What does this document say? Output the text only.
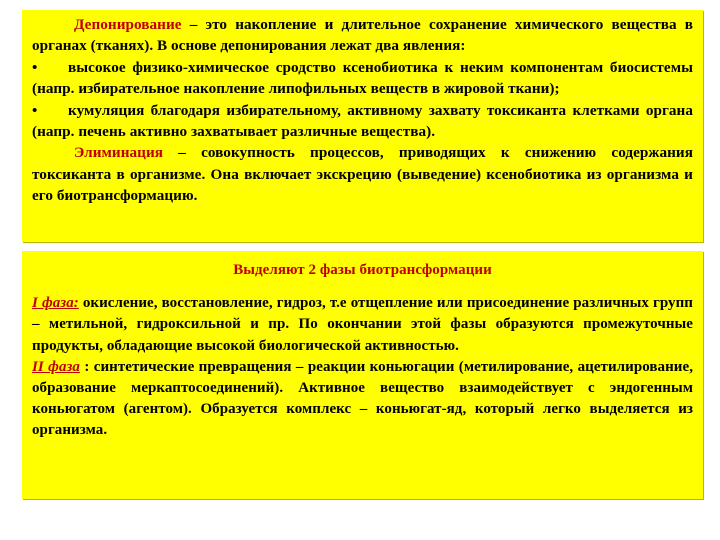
Депонирование – это накопление и длительное сохранение химического вещества в органах (тканях). В основе депонирования лежат два явления:

• высокое физико-химическое сродство ксенобиотика к неким компонентам биосистемы (напр. избирательное накопление липофильных веществ в жировой ткани);

• кумуляция благодаря избирательному, активному захвату токсиканта клетками органа (напр. печень активно захватывает различные вещества).

Элиминация – совокупность процессов, приводящих к снижению содержания токсиканта в организме. Она включает экскрецию (выведение) ксенобиотика из организма и его биотрансформацию.

Выделяют 2 фазы биотрансформации

I фаза: окисление, восстановление, гидроз, т.е отщепление или присоединение различных групп – метильной, гидроксильной и пр. По окончании этой фазы образуются промежуточные продукты, обладающие высокой биологической активностью.

II фаза : синтетические превращения – реакции коньюгации (метилирование, ацетилирование, образование меркаптосоединений). Активное вещество взаимодействует с эндогенным коньюгатом (агентом). Образуется комплекс – коньюгат-яд, который легко выделяется из организма.
